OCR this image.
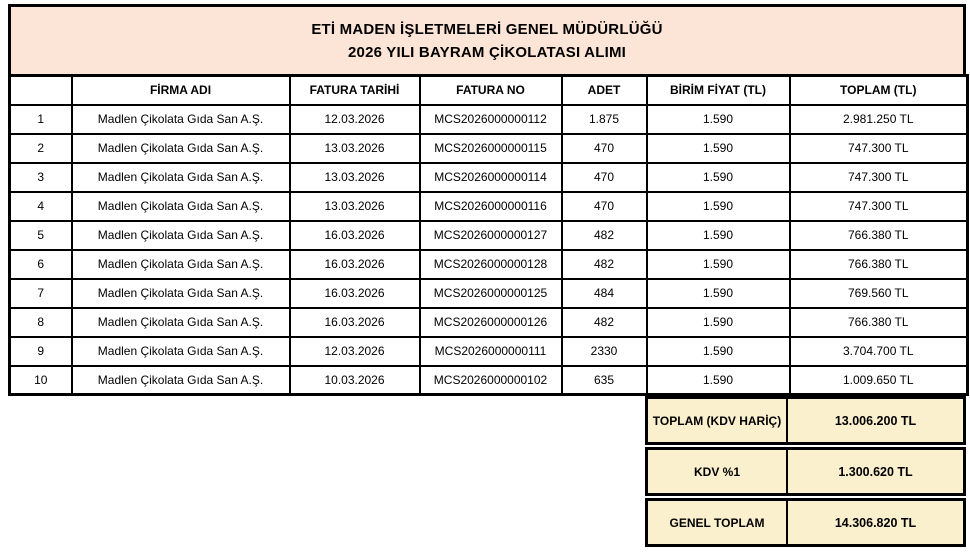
ETİ MADEN İŞLETMELERİ GENEL MÜDÜRLÜĞÜ
2026 YILI BAYRAM ÇİKOLATASI ALIMI
	FİRMA ADI	FATURA TARİHİ	FATURA NO	ADET	BİRİM FİYAT (TL)	TOPLAM (TL)
1	Madlen Çikolata Gıda San A.Ş.	12.03.2026	MCS2026000000112	1.875	1.590	2.981.250 TL
2	Madlen Çikolata Gıda San A.Ş.	13.03.2026	MCS2026000000115	470	1.590	747.300 TL
3	Madlen Çikolata Gıda San A.Ş.	13.03.2026	MCS2026000000114	470	1.590	747.300 TL
4	Madlen Çikolata Gıda San A.Ş.	13.03.2026	MCS2026000000116	470	1.590	747.300 TL
5	Madlen Çikolata Gıda San A.Ş.	16.03.2026	MCS2026000000127	482	1.590	766.380 TL
6	Madlen Çikolata Gıda San A.Ş.	16.03.2026	MCS2026000000128	482	1.590	766.380 TL
7	Madlen Çikolata Gıda San A.Ş.	16.03.2026	MCS2026000000125	484	1.590	769.560 TL
8	Madlen Çikolata Gıda San A.Ş.	16.03.2026	MCS2026000000126	482	1.590	766.380 TL
9	Madlen Çikolata Gıda San A.Ş.	12.03.2026	MCS2026000000111	2330	1.590	3.704.700 TL
10	Madlen Çikolata Gıda San A.Ş.	10.03.2026	MCS2026000000102	635	1.590	1.009.650 TL
TOPLAM (KDV HARİÇ)	13.006.200 TL
KDV %1	1.300.620 TL
GENEL TOPLAM	14.306.820 TL
